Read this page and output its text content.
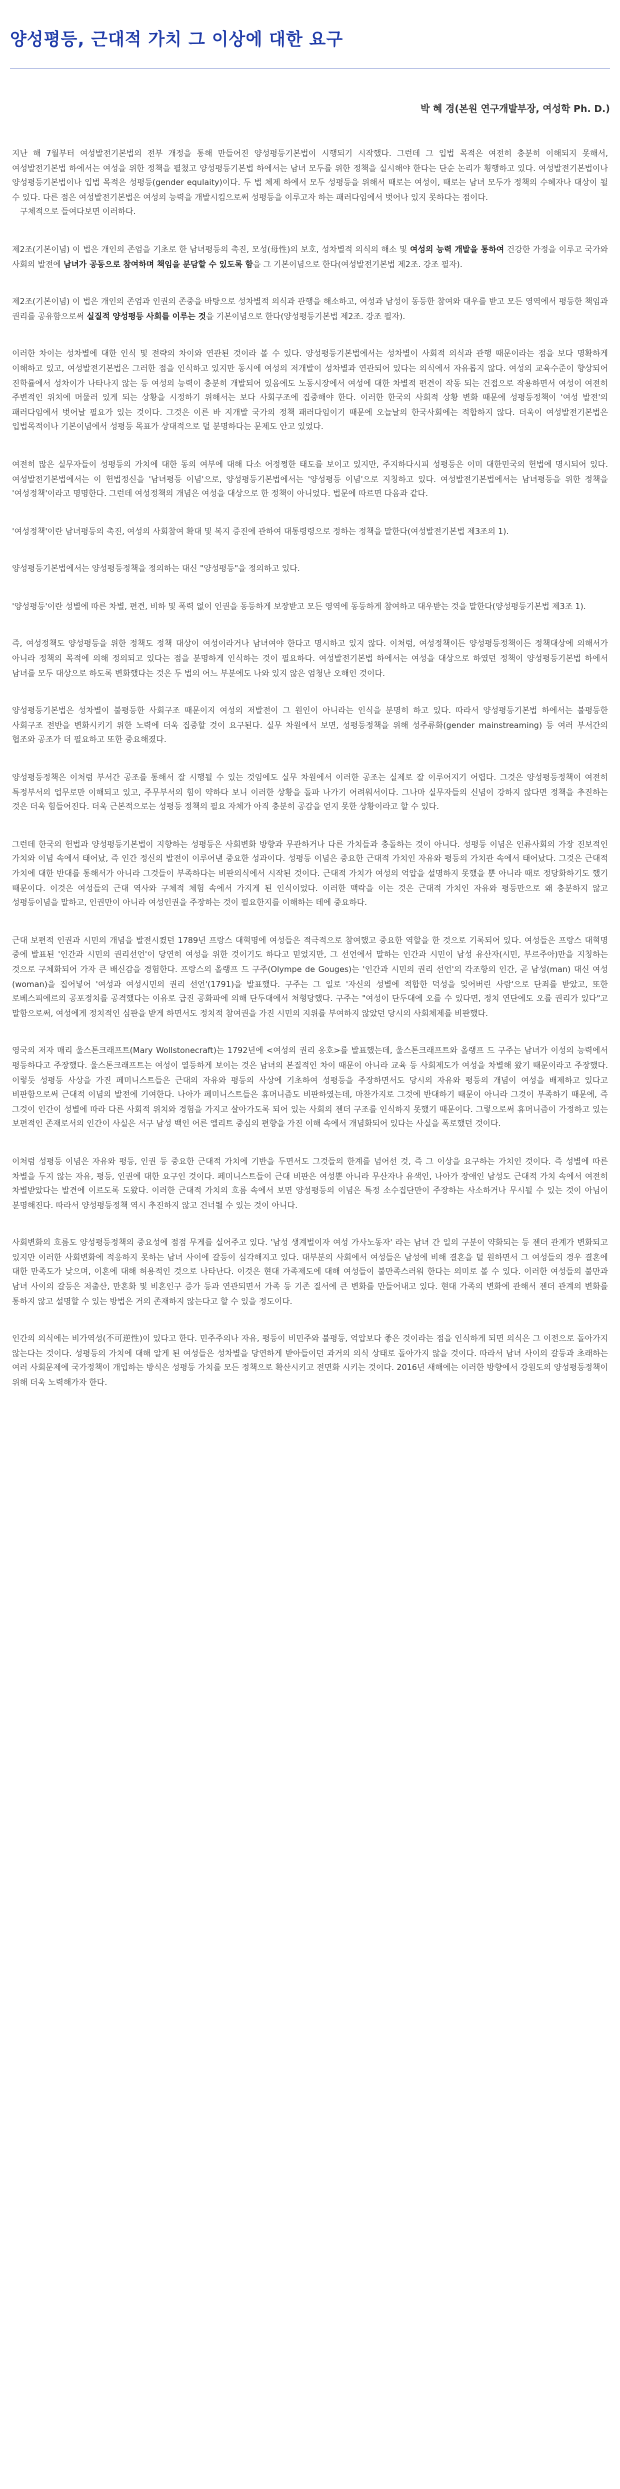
양성평등, 근대적 가치 그 이상에 대한 요구
박 혜 경(본원 연구개발부장, 여성학 Ph. D.)

지난 해 7월부터 여성발전기본법의 전부 개정을 통해 만들어진 양성평등기본법이 시행되기 시작했다. 그런데 그 입법 목적은 여전히 충분히 이해되지 못해서, 여성발전기본법 하에서는 여성을 위한 정책을 펼쳤고 양성평등기본법 하에서는 남녀 모두를 위한 정책을 실시해야 한다는 단순 논리가 횡행하고 있다. 여성발전기본법이나 양성평등기본법이나 입법 목적은 성평등(gender equlaity)이다. 두 법 체제 하에서 모두 성평등을 위해서 때로는 여성이, 때로는 남녀 모두가 정책의 수혜자나 대상이 될 수 있다. 다른 점은 여성발전기본법은 여성의 능력을 개발시킴으로써 성평등을 이루고자 하는 패러다임에서 벗어나 있지 못하다는 점이다.

구체적으로 들여다보면 이러하다.

제2조(기본이념) 이 법은 개인의 존엄을 기초로 한 남녀평등의 촉진, 모성(母性)의 보호, 성차별적 의식의 해소 및 여성의 능력 개발을 통하여 건강한 가정을 이루고 국가와 사회의 발전에 남녀가 공동으로 참여하며 책임을 분담할 수 있도록 함을 그 기본이념으로 한다(여성발전기본법 제2조. 강조 필자).

제2조(기본이념) 이 법은 개인의 존엄과 인권의 존중을 바탕으로 성차별적 의식과 관행을 해소하고, 여성과 남성이 동등한 참여와 대우를 받고 모든 영역에서 평등한 책임과 권리를 공유함으로써 실질적 양성평등 사회를 이루는 것을 기본이념으로 한다(양성평등기본법 제2조. 강조 필자).

이러한 차이는 성차별에 대한 인식 및 전략의 차이와 연관된 것이라 볼 수 있다. 양성평등기본법에서는 성차별이 사회적 의식과 관행 때문이라는 점을 보다 명확하게 이해하고 있고, 여성발전기본법은 그러한 점을 인식하고 있지만 동시에 여성의 저개발이 성차별과 연관되어 있다는 의식에서 자유롭지 않다. 여성의 교육수준이 향상되어 진학률에서 성차이가 나타나지 않는 등 여성의 능력이 충분히 개발되어 있음에도 노동시장에서 여성에 대한 차별적 편견이 작동 되는 건접으로 작용하면서 여성이 여전히 주변적인 위치에 머물러 있게 되는 상황을 시정하기 위해서는 보다 사회구조에 집중해야 한다. 이러한 한국의 사회적 상황 변화 때문에 성평등정책이 '여성 발전'의 패러다임에서 벗어날 필요가 있는 것이다. 그것은 이른 바 지개발 국가의 정책 패러다임이기 때문에 오늘날의 한국사회에는 적합하지 않다. 더욱이 여성발전기본법은 입법목적이나 기본이념에서 성평등 목표가 상대적으로 덜 분명하다는 문제도 안고 있었다.

여전히 많은 실무자들이 성평등의 가치에 대한 동의 여부에 대해 다소 어정쩡한 태도를 보이고 있지만, 주지하다시피 성평등은 이미 대한민국의 헌법에 명시되어 있다. 여성발전기본법에서는 이 헌법정신을 '남녀평등 이념'으로, 양성평등기본법에서는 '양성평등 이념'으로 지칭하고 있다. 여성발전기본법에서는 남녀평등을 위한 정책을 '여성정책'이라고 명명한다. 그런데 여성정책의 개념은 여성을 대상으로 한 정책이 아니었다. 법문에 따르면 다음과 같다.

'여성정책'이란 남녀평등의 촉진, 여성의 사회참여 확대 및 복지 증진에 관하여 대통령령으로 정하는 정책을 말한다(여성발전기본법 제3조의 1).

양성평등기본법에서는 양성평등정책을 정의하는 대신 "양성평등"을 정의하고 있다.

'양성평등'이란 성별에 따른 차별, 편견, 비하 및 폭력 없이 인권을 동등하게 보장받고 모든 영역에 동등하게 참여하고 대우받는 것을 말한다(양성평등기본법 제3조 1).

즉, 여성정책도 양성평등을 위한 정책도 정책 대상이 여성이라거나 남녀여야 한다고 명시하고 있지 않다. 이처럼, 여성정책이든 양성평등정책이든 정책대상에 의해서가 아니라 정책의 목적에 의해 정의되고 있다는 점을 분명하게 인식하는 것이 필요하다. 여성발전기본법 하에서는 여성을 대상으로 하였던 정책이 양성평등기본법 하에서 남녀를 모두 대상으로 하도록 변화했다는 것은 두 법의 어느 부분에도 나와 있지 않은 엄청난 오해인 것이다.

양성평등기본법은 성차별이 불평등한 사회구조 때문이지 여성의 저발전이 그 원인이 아니라는 인식을 분명히 하고 있다. 따라서 양성평등기본법 하에서는 불평등한 사회구조 전반을 변화시키기 위한 노력에 더욱 집중할 것이 요구된다. 실무 차원에서 보면, 성평등정책을 위해 성주류화(gender mainstreaming) 등 여러 부서간의 협조와 공조가 더 필요하고 또한 중요해졌다.

양성평등정책은 이처럼 부서간 공조를 통해서 잘 시행될 수 있는 것임에도 실무 차원에서 이러한 공조는 실제로 잘 이루어지기 어렵다. 그것은 양성평등정책이 여전히 특정부서의 업무로만 이해되고 있고, 주무부서의 힘이 약하다 보니 이러한 상황을 돌파 나가기 어려워서이다. 그나마 실무자들의 신념이 강하지 않다면 정책을 추진하는 것은 더욱 힘들어진다. 더욱 근본적으로는 성평등 정책의 필요 자체가 아직 충분히 공감을 얻지 못한 상황이라고 할 수 있다.

그런데 한국의 헌법과 양성평등기본법이 지향하는 성평등은 사회변화 방향과 무관하거나 다른 가치들과 충돌하는 것이 아니다. 성평등 이념은 인류사회의 가장 진보적인 가치와 이념 속에서 태어났, 즉 인간 정신의 발전이 이루어낸 중요한 성과이다. 성평등 이념은 중요한 근대적 가치인 자유와 평등의 가치관 속에서 태어났다. 그것은 근대적 가치에 대한 반대를 통해서가 아니라 그것들이 부족하다는 비판의식에서 시작된 것이다. 근대적 가치가 여성의 억압을 설명하지 못했을 뿐 아니라 때로 정당화하기도 했기 때문이다. 이것은 여성들의 근대 역사와 구체적 체험 속에서 가지게 된 인식이었다. 이러한 맥락을 이는 것은 근대적 가치인 자유와 평등만으로 왜 충분하지 않고 성평등이념을 말하고, 인권만이 아니라 여성인권을 주장하는 것이 필요한지를 이해하는 데에 중요하다.

근대 보편적 인권과 시민의 개념을 발전시켰던 1789년 프랑스 대혁명에 여성들은 적극적으로 참여했고 중요한 역할을 한 것으로 기록되어 있다. 여성들은 프랑스 대혁명 중에 발표된 '인간과 시민의 권리선언'이 당연히 여성을 위한 것이기도 하다고 믿었지만, 그 선언에서 말하는 인간과 시민이 남성 유산자(시민, 부르주아)만을 지칭하는 것으로 구체화되어 가자 큰 배신감을 경험한다. 프랑스의 올랭프 드 구주(Olympe de Gouges)는 '인간과 시민의 권리 선언'의 각조항의 인간, 곧 남성(man) 대신 여성(woman)을 집어넣어 '여성과 여성시민의 권리 선언'(1791)을 발표했다. 구주는 그 일로 '자신의 성별에 적합한 덕성을 잊어버린 사람'으로 단죄를 받았고, 또한 로베스피에르의 공포정치를 공격했다는 이유로 급진 공화파에 의해 단두대에서 처형당했다. 구주는 "여성이 단두대에 오를 수 있다면, 정치 연단에도 오를 권리가 있다"고 말함으로써, 여성에게 정치적인 심판을 받게 하면서도 정치적 참여권을 가진 시민의 지위를 부여하지 않았던 당시의 사회체제를 비판했다.

영국의 저자 매리 울스톤크래프트(Mary Wollstonecraft)는 1792년에 <여성의 권리 옹호>를 발표했는데, 울스톤크래프트와 올랭프 드 구주는 남녀가 이성의 능력에서 평등하다고 주장했다. 울스톤크래프트는 여성이 열등하게 보이는 것은 남녀의 본질적인 차이 때문이 아니라 교육 등 사회제도가 여성을 차별해 왔기 때문이라고 주장했다. 이렇듯 성평등 사상을 가진 페미니스트들은 근대의 자유와 평등의 사상에 기초하여 성평등을 주장하면서도 당시의 자유와 평등의 개념이 여성을 배제하고 있다고 비판함으로써 근대적 이념의 발전에 기여한다. 나아가 페미니스트들은 휴머니즘도 비판하였는데, 마찬가지로 그것에 반대하기 때문이 아니라 그것이 부족하기 때문에, 즉 그것이 인간이 성별에 따라 다른 사회적 위치와 경험을 가지고 살아가도록 되어 있는 사회의 젠더 구조를 인식하지 못했기 때문이다. 그렇으로써 휴머니즘이 가정하고 있는 보편적인 존재로서의 인간이 사실은 서구 남성 백인 어른 엘리트 중심의 편향을 가진 이해 속에서 개념화되어 있다는 사실을 폭로했던 것이다.

이처럼 성평등 이념은 자유와 평등, 인권 등 중요한 근대적 가치에 기반을 두면서도 그것들의 한계를 넘어선 것, 즉 그 이상을 요구하는 가치인 것이다. 즉 성별에 따른 차별을 두지 않는 자유, 평등, 인권에 대한 요구인 것이다. 페미니스트들이 근대 비판은 여성뿐 아니라 무산자나 유색인, 나아가 장애인 남성도 근대적 가치 속에서 여전히 차별받았다는 발견에 이르도록 도왔다. 이러한 근대적 가치의 흐름 속에서 보면 양성평등의 이념은 특정 소수집단만이 주장하는 사소하거나 무시될 수 있는 것이 아님이 분명해진다. 따라서 양성평등정책 역시 추진하지 않고 건너뛸 수 있는 것이 아니다.

사회변화의 흐름도 양성평등정책의 중요성에 점점 무게를 실어주고 있다. '남성 생계벌이자 여성 가사노동자' 라는 남녀 간 일의 구분이 약화되는 등 젠더 관계가 변화되고 있지만 이러한 사회변화에 적응하지 못하는 남녀 사이에 갈등이 심각해지고 있다. 대부분의 사회에서 여성들은 남성에 비해 결혼을 덜 원하면서 그 여성들의 경우 결혼에 대한 만족도가 낮으며, 이혼에 대해 허용적인 것으로 나타난다. 이것은 현대 가족제도에 대해 여성들이 불만족스러워 한다는 의미로 볼 수 있다. 이러한 여성들의 불만과 남녀 사이의 갈등은 저출산, 만혼화 및 비혼인구 증가 등과 연관되면서 가족 등 기존 질서에 큰 변화를 만들어내고 있다. 현대 가족의 변화에 관해서 젠더 관계의 변화를 통하지 않고 설명할 수 있는 방법은 거의 존재하지 않는다고 할 수 있을 정도이다.

인간의 의식에는 비가역성(不可逆性)이 있다고 한다. 민주주의나 자유, 평등이 비민주와 불평등, 억압보다 좋은 것이라는 점을 인식하게 되면 의식은 그 이전으로 돌아가지 않는다는 것이다. 성평등의 가치에 대해 알게 된 여성들은 성차별을 당연하게 받아들이던 과거의 의식 상태로 돌아가지 않을 것이다. 따라서 남녀 사이의 갈등과 초래하는 여러 사회문제에 국가정책이 개입하는 방식은 성평등 가치를 모든 정책으로 확산시키고 전면화 시키는 것이다. 2016년 새해에는 이러한 방향에서 강원도의 양성평등정책이 위해 더욱 노력해가자 한다.
